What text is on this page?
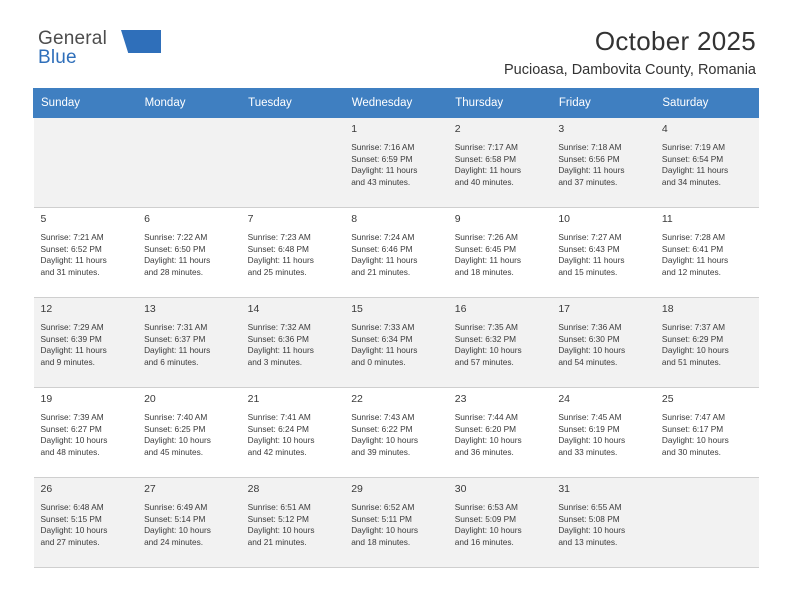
General
Blue
October 2025
Pucioasa, Dambovita County, Romania
Sunday	Monday	Tuesday	Wednesday	Thursday	Friday	Saturday

			1
Sunrise: 7:16 AM
Sunset: 6:59 PM
Daylight: 11 hours
and 43 minutes.	2
Sunrise: 7:17 AM
Sunset: 6:58 PM
Daylight: 11 hours
and 40 minutes.	3
Sunrise: 7:18 AM
Sunset: 6:56 PM
Daylight: 11 hours
and 37 minutes.	4
Sunrise: 7:19 AM
Sunset: 6:54 PM
Daylight: 11 hours
and 34 minutes.

5
Sunrise: 7:21 AM
Sunset: 6:52 PM
Daylight: 11 hours
and 31 minutes.	6
Sunrise: 7:22 AM
Sunset: 6:50 PM
Daylight: 11 hours
and 28 minutes.	7
Sunrise: 7:23 AM
Sunset: 6:48 PM
Daylight: 11 hours
and 25 minutes.	8
Sunrise: 7:24 AM
Sunset: 6:46 PM
Daylight: 11 hours
and 21 minutes.	9
Sunrise: 7:26 AM
Sunset: 6:45 PM
Daylight: 11 hours
and 18 minutes.	10
Sunrise: 7:27 AM
Sunset: 6:43 PM
Daylight: 11 hours
and 15 minutes.	11
Sunrise: 7:28 AM
Sunset: 6:41 PM
Daylight: 11 hours
and 12 minutes.

12
Sunrise: 7:29 AM
Sunset: 6:39 PM
Daylight: 11 hours
and 9 minutes.	13
Sunrise: 7:31 AM
Sunset: 6:37 PM
Daylight: 11 hours
and 6 minutes.	14
Sunrise: 7:32 AM
Sunset: 6:36 PM
Daylight: 11 hours
and 3 minutes.	15
Sunrise: 7:33 AM
Sunset: 6:34 PM
Daylight: 11 hours
and 0 minutes.	16
Sunrise: 7:35 AM
Sunset: 6:32 PM
Daylight: 10 hours
and 57 minutes.	17
Sunrise: 7:36 AM
Sunset: 6:30 PM
Daylight: 10 hours
and 54 minutes.	18
Sunrise: 7:37 AM
Sunset: 6:29 PM
Daylight: 10 hours
and 51 minutes.

19
Sunrise: 7:39 AM
Sunset: 6:27 PM
Daylight: 10 hours
and 48 minutes.	20
Sunrise: 7:40 AM
Sunset: 6:25 PM
Daylight: 10 hours
and 45 minutes.	21
Sunrise: 7:41 AM
Sunset: 6:24 PM
Daylight: 10 hours
and 42 minutes.	22
Sunrise: 7:43 AM
Sunset: 6:22 PM
Daylight: 10 hours
and 39 minutes.	23
Sunrise: 7:44 AM
Sunset: 6:20 PM
Daylight: 10 hours
and 36 minutes.	24
Sunrise: 7:45 AM
Sunset: 6:19 PM
Daylight: 10 hours
and 33 minutes.	25
Sunrise: 7:47 AM
Sunset: 6:17 PM
Daylight: 10 hours
and 30 minutes.

26
Sunrise: 6:48 AM
Sunset: 5:15 PM
Daylight: 10 hours
and 27 minutes.	27
Sunrise: 6:49 AM
Sunset: 5:14 PM
Daylight: 10 hours
and 24 minutes.	28
Sunrise: 6:51 AM
Sunset: 5:12 PM
Daylight: 10 hours
and 21 minutes.	29
Sunrise: 6:52 AM
Sunset: 5:11 PM
Daylight: 10 hours
and 18 minutes.	30
Sunrise: 6:53 AM
Sunset: 5:09 PM
Daylight: 10 hours
and 16 minutes.	31
Sunrise: 6:55 AM
Sunset: 5:08 PM
Daylight: 10 hours
and 13 minutes.	
